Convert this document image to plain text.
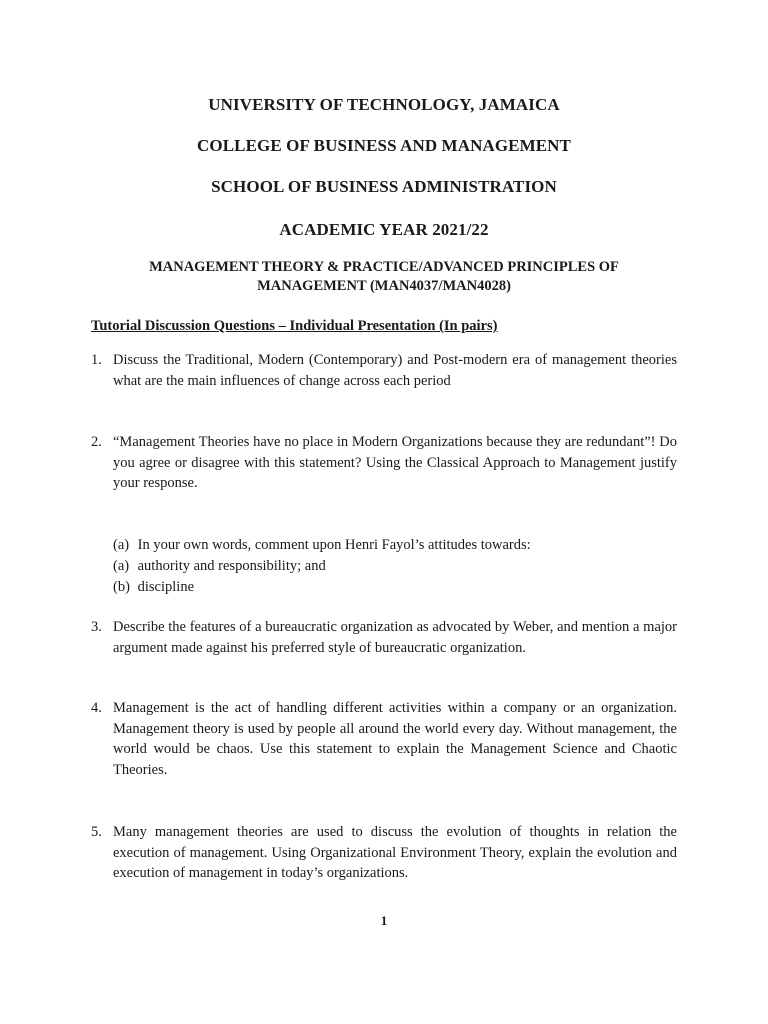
UNIVERSITY OF TECHNOLOGY, JAMAICA
COLLEGE OF BUSINESS AND MANAGEMENT
SCHOOL OF BUSINESS ADMINISTRATION
ACADEMIC YEAR 2021/22
MANAGEMENT THEORY & PRACTICE/ADVANCED PRINCIPLES OF
MANAGEMENT (MAN4037/MAN4028)
Tutorial Discussion Questions – Individual Presentation (In pairs)
1. Discuss the Traditional, Modern (Contemporary) and Post-modern era of management theories what are the main influences of change across each period
2. “Management Theories have no place in Modern Organizations because they are redundant”! Do you agree or disagree with this statement? Using the Classical Approach to Management justify your response.
(a) In your own words, comment upon Henri Fayol’s attitudes towards:
(a) authority and responsibility; and
(b) discipline
3. Describe the features of a bureaucratic organization as advocated by Weber, and mention a major argument made against his preferred style of bureaucratic organization.
4. Management is the act of handling different activities within a company or an organization. Management theory is used by people all around the world every day. Without management, the world would be chaos. Use this statement to explain the Management Science and Chaotic Theories.
5. Many management theories are used to discuss the evolution of thoughts in relation the execution of management. Using Organizational Environment Theory, explain the evolution and execution of management in today’s organizations.
1
